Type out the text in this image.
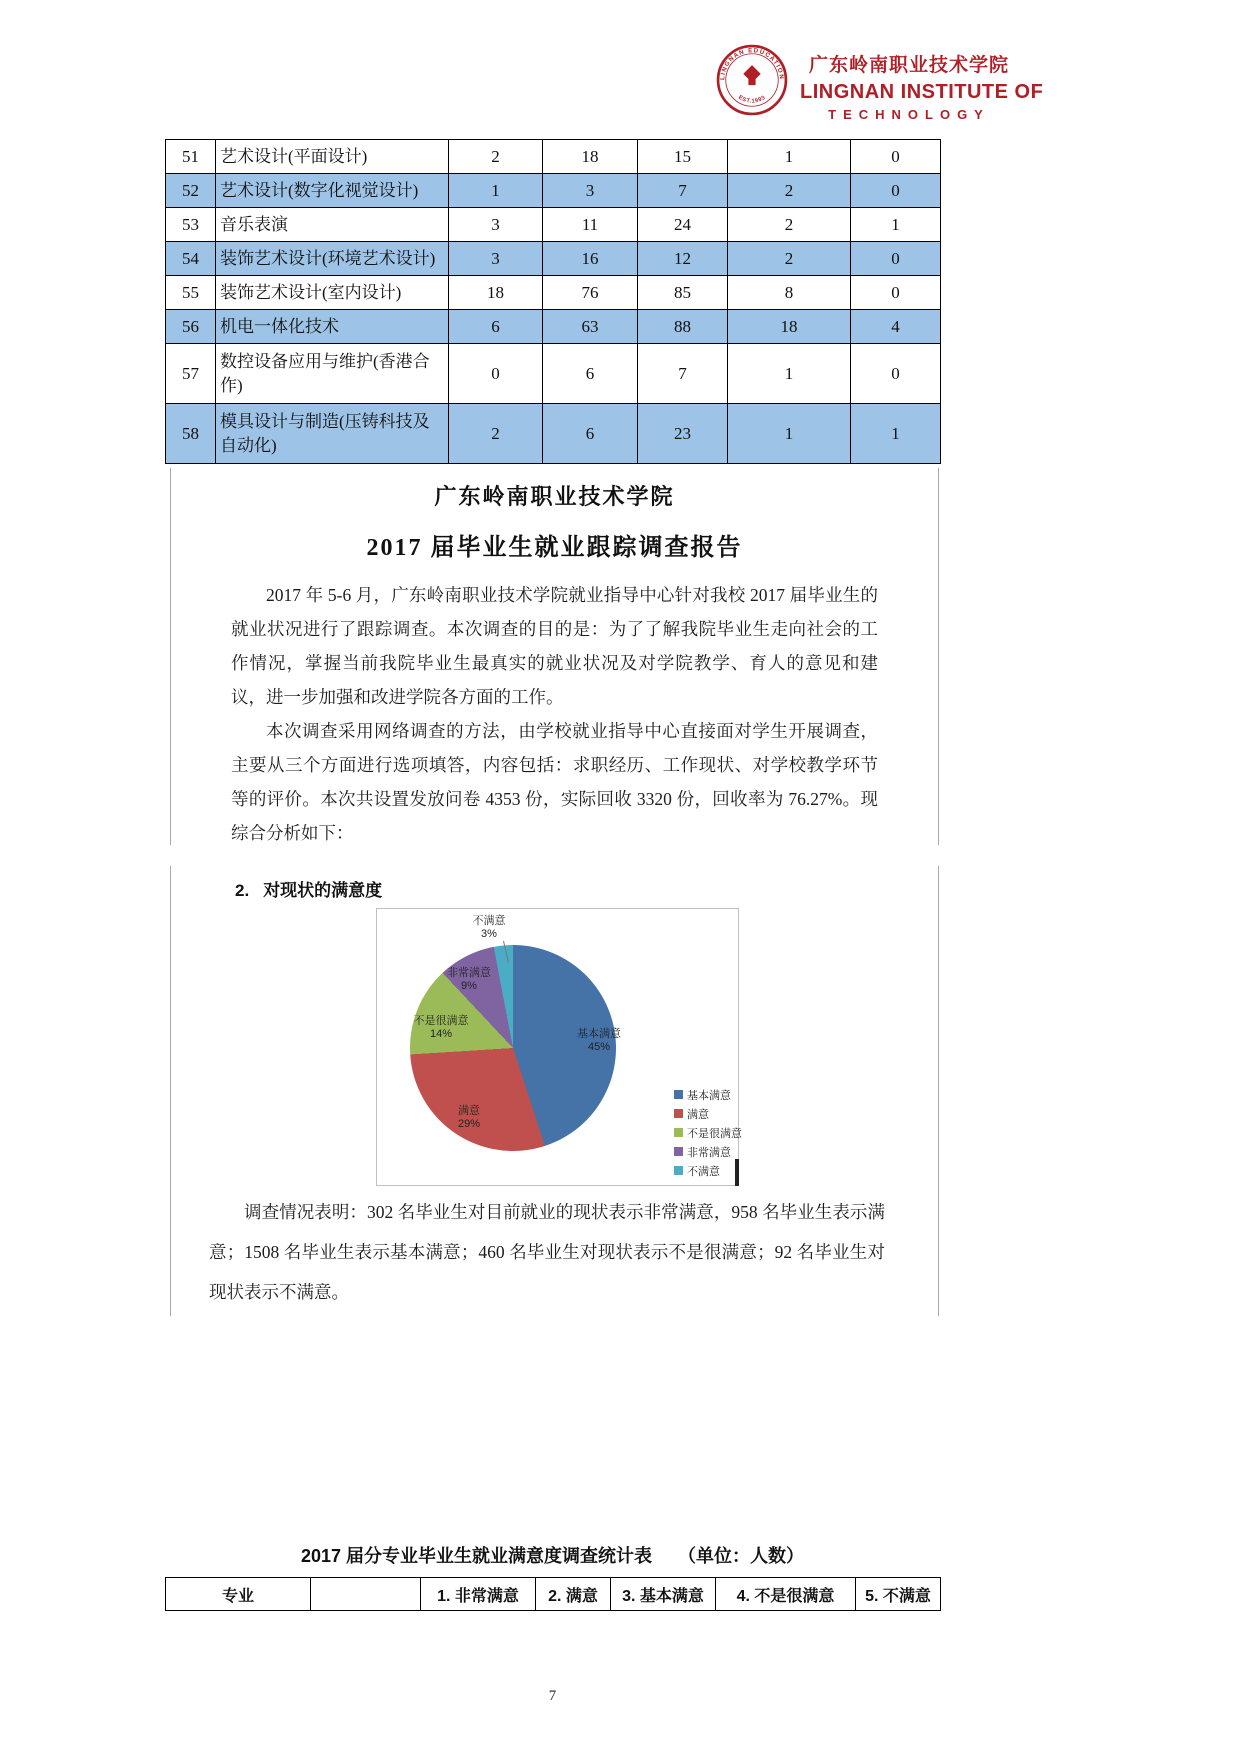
LINGNAN EDUCATION
EST.1993
广东岭南职业技术学院
LINGNAN INSTITUTE OF
TECHNOLOGY
51	艺术设计(平面设计)	2	18	15	1	0
52	艺术设计(数字化视觉设计)	1	3	7	2	0
53	音乐表演	3	11	24	2	1
54	装饰艺术设计(环境艺术设计)	3	16	12	2	0
55	装饰艺术设计(室内设计)	18	76	85	8	0
56	机电一体化技术	6	63	88	18	4
57	数控设备应用与维护(香港合作)	0	6	7	1	0
58	模具设计与制造(压铸科技及自动化)	2	6	23	1	1
广东岭南职业技术学院
2017 届毕业生就业跟踪调查报告

2017 年 5-6 月，广东岭南职业技术学院就业指导中心针对我校 2017 届毕业生的就业状况进行了跟踪调查。本次调查的目的是：为了了解我院毕业生走向社会的工作情况，掌握当前我院毕业生最真实的就业状况及对学院教学、育人的意见和建议，进一步加强和改进学院各方面的工作。

本次调查采用网络调查的方法，由学校就业指导中心直接面对学生开展调查，主要从三个方面进行选项填答，内容包括：求职经历、工作现状、对学校教学环节等的评价。本次共设置发放问卷 4353 份，实际回收 3320 份，回收率为 76.27%。现综合分析如下：

2. 对现状的满意度
不满意
3%
非常满意
9%
不是很满意
14%	基本满意
45%
满意
29%
基本满意
满意
不是很满意
非常满意
不满意

调查情况表明：302 名毕业生对目前就业的现状表示非常满意，958 名毕业生表示满意；1508 名毕业生表示基本满意；460 名毕业生对现状表示不是很满意；92 名毕业生对现状表示不满意。

2017 届分专业毕业生就业满意度调查统计表 （单位：人数）
专业		1. 非常满意	2. 满意	3. 基本满意	4. 不是很满意	5. 不满意
7
